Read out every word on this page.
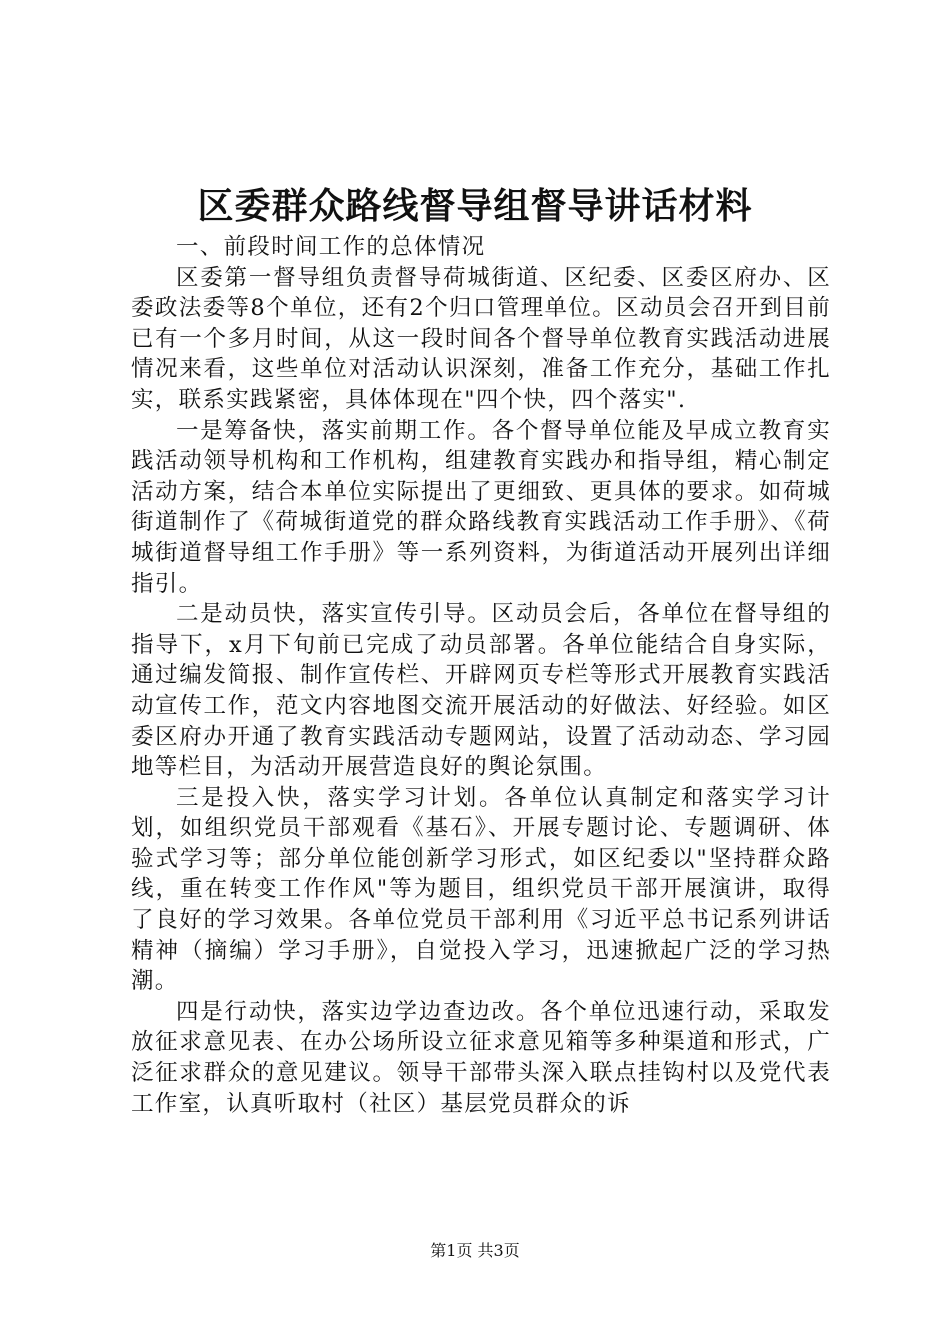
区委群众路线督导组督导讲话材料

一、前段时间工作的总体情况

区委第一督导组负责督导荷城街道、区纪委、区委区府办、区委政法委等8个单位，还有2个归口管理单位。区动员会召开到目前已有一个多月时间，从这一段时间各个督导单位教育实践活动进展情况来看，这些单位对活动认识深刻，准备工作充分，基础工作扎实，联系实践紧密，具体体现在"四个快，四个落实".

一是筹备快，落实前期工作。各个督导单位能及早成立教育实践活动领导机构和工作机构，组建教育实践办和指导组，精心制定活动方案，结合本单位实际提出了更细致、更具体的要求。如荷城街道制作了《荷城街道党的群众路线教育实践活动工作手册》、《荷城街道督导组工作手册》等一系列资料，为街道活动开展列出详细指引。

二是动员快，落实宣传引导。区动员会后，各单位在督导组的指导下，x月下旬前已完成了动员部署。各单位能结合自身实际，通过编发简报、制作宣传栏、开辟网页专栏等形式开展教育实践活动宣传工作，范文内容地图交流开展活动的好做法、好经验。如区委区府办开通了教育实践活动专题网站，设置了活动动态、学习园地等栏目，为活动开展营造良好的舆论氛围。

三是投入快，落实学习计划。各单位认真制定和落实学习计划，如组织党员干部观看《基石》、开展专题讨论、专题调研、体验式学习等；部分单位能创新学习形式，如区纪委以"坚持群众路线，重在转变工作作风"等为题目，组织党员干部开展演讲，取得了良好的学习效果。各单位党员干部利用《习近平总书记系列讲话精神（摘编）学习手册》，自觉投入学习，迅速掀起广泛的学习热潮。

四是行动快，落实边学边查边改。各个单位迅速行动，采取发放征求意见表、在办公场所设立征求意见箱等多种渠道和形式，广泛征求群众的意见建议。领导干部带头深入联点挂钩村以及党代表工作室，认真听取村（社区）基层党员群众的诉

第1页 共3页
